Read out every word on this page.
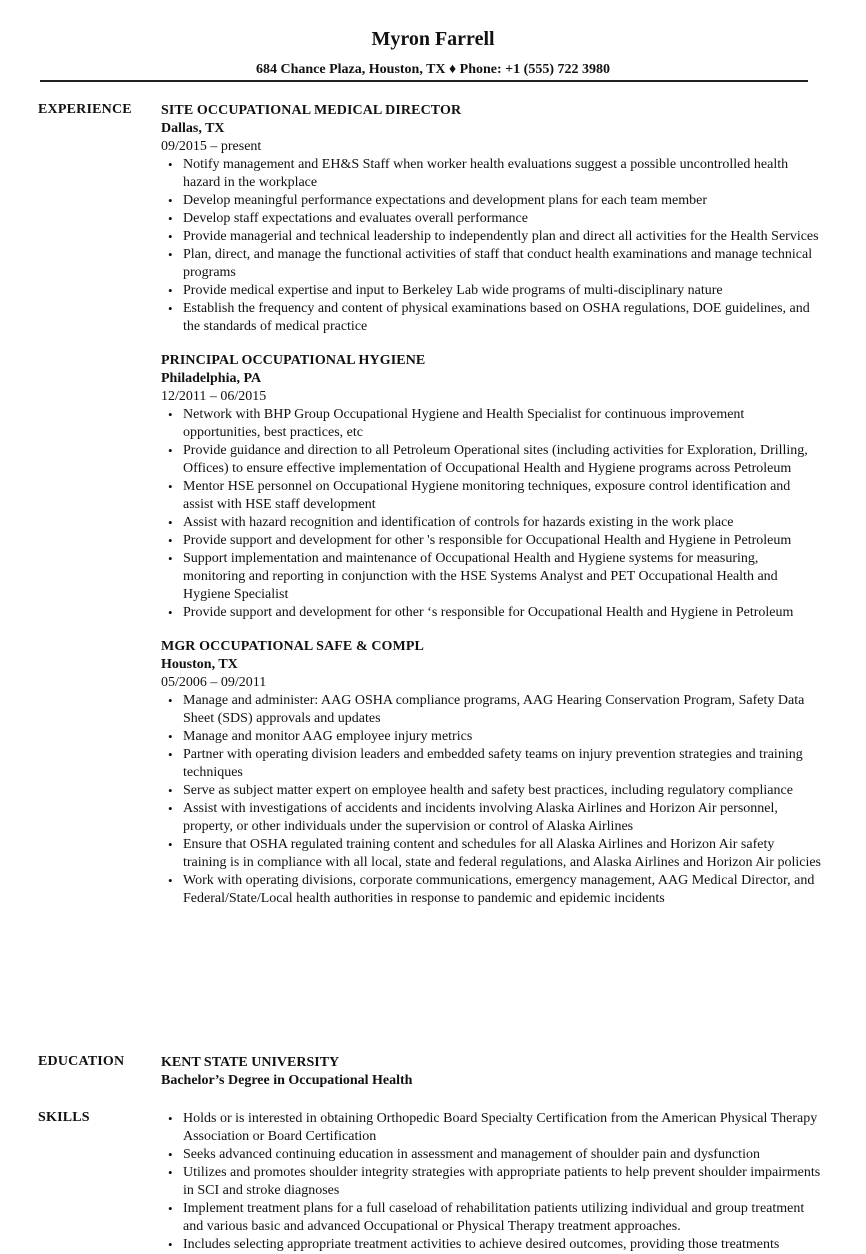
Myron Farrell
684 Chance Plaza, Houston, TX ♦ Phone: +1 (555) 722 3980
EXPERIENCE SITE OCCUPATIONAL MEDICAL DIRECTOR
Dallas, TX
09/2015 – present
• Notify management and EH&S Staff when worker health evaluations suggest a possible uncontrolled health hazard in the workplace
• Develop meaningful performance expectations and development plans for each team member
• Develop staff expectations and evaluates overall performance
• Provide managerial and technical leadership to independently plan and direct all activities for the Health Services
• Plan, direct, and manage the functional activities of staff that conduct health examinations and manage technical programs
• Provide medical expertise and input to Berkeley Lab wide programs of multi-disciplinary nature
• Establish the frequency and content of physical examinations based on OSHA regulations, DOE guidelines, and the standards of medical practice
PRINCIPAL OCCUPATIONAL HYGIENE
Philadelphia, PA
12/2011 – 06/2015
• Network with BHP Group Occupational Hygiene and Health Specialist for continuous improvement opportunities, best practices, etc
• Provide guidance and direction to all Petroleum Operational sites (including activities for Exploration, Drilling, Offices) to ensure effective implementation of Occupational Health and Hygiene programs across Petroleum
• Mentor HSE personnel on Occupational Hygiene monitoring techniques, exposure control identification and assist with HSE staff development
• Assist with hazard recognition and identification of controls for hazards existing in the work place
• Provide support and development for other 's responsible for Occupational Health and Hygiene in Petroleum
• Support implementation and maintenance of Occupational Health and Hygiene systems for measuring, monitoring and reporting in conjunction with the HSE Systems Analyst and PET Occupational Health and Hygiene Specialist
• Provide support and development for other ‘s responsible for Occupational Health and Hygiene in Petroleum
MGR OCCUPATIONAL SAFE & COMPL
Houston, TX
05/2006 – 09/2011
• Manage and administer: AAG OSHA compliance programs, AAG Hearing Conservation Program, Safety Data Sheet (SDS) approvals and updates
• Manage and monitor AAG employee injury metrics
• Partner with operating division leaders and embedded safety teams on injury prevention strategies and training techniques
• Serve as subject matter expert on employee health and safety best practices, including regulatory compliance
• Assist with investigations of accidents and incidents involving Alaska Airlines and Horizon Air personnel, property, or other individuals under the supervision or control of Alaska Airlines
• Ensure that OSHA regulated training content and schedules for all Alaska Airlines and Horizon Air safety training is in compliance with all local, state and federal regulations, and Alaska Airlines and Horizon Air policies
• Work with operating divisions, corporate communications, emergency management, AAG Medical Director, and Federal/State/Local health authorities in response to pandemic and epidemic incidents
EDUCATION	KENT STATE UNIVERSITY
Bachelor’s Degree in Occupational Health
SKILLS
•	Holds or is interested in obtaining Orthopedic Board Specialty Certification from the American Physical Therapy Association or Board Certification
• Seeks advanced continuing education in assessment and management of shoulder pain and dysfunction
• Utilizes and promotes shoulder integrity strategies with appropriate patients to help prevent shoulder impairments in SCI and stroke diagnoses
• Implement treatment plans for a full caseload of rehabilitation patients utilizing individual and group treatment and various basic and advanced Occupational or Physical Therapy treatment approaches.
• Includes selecting appropriate treatment activities to achieve desired outcomes, providing those treatments
